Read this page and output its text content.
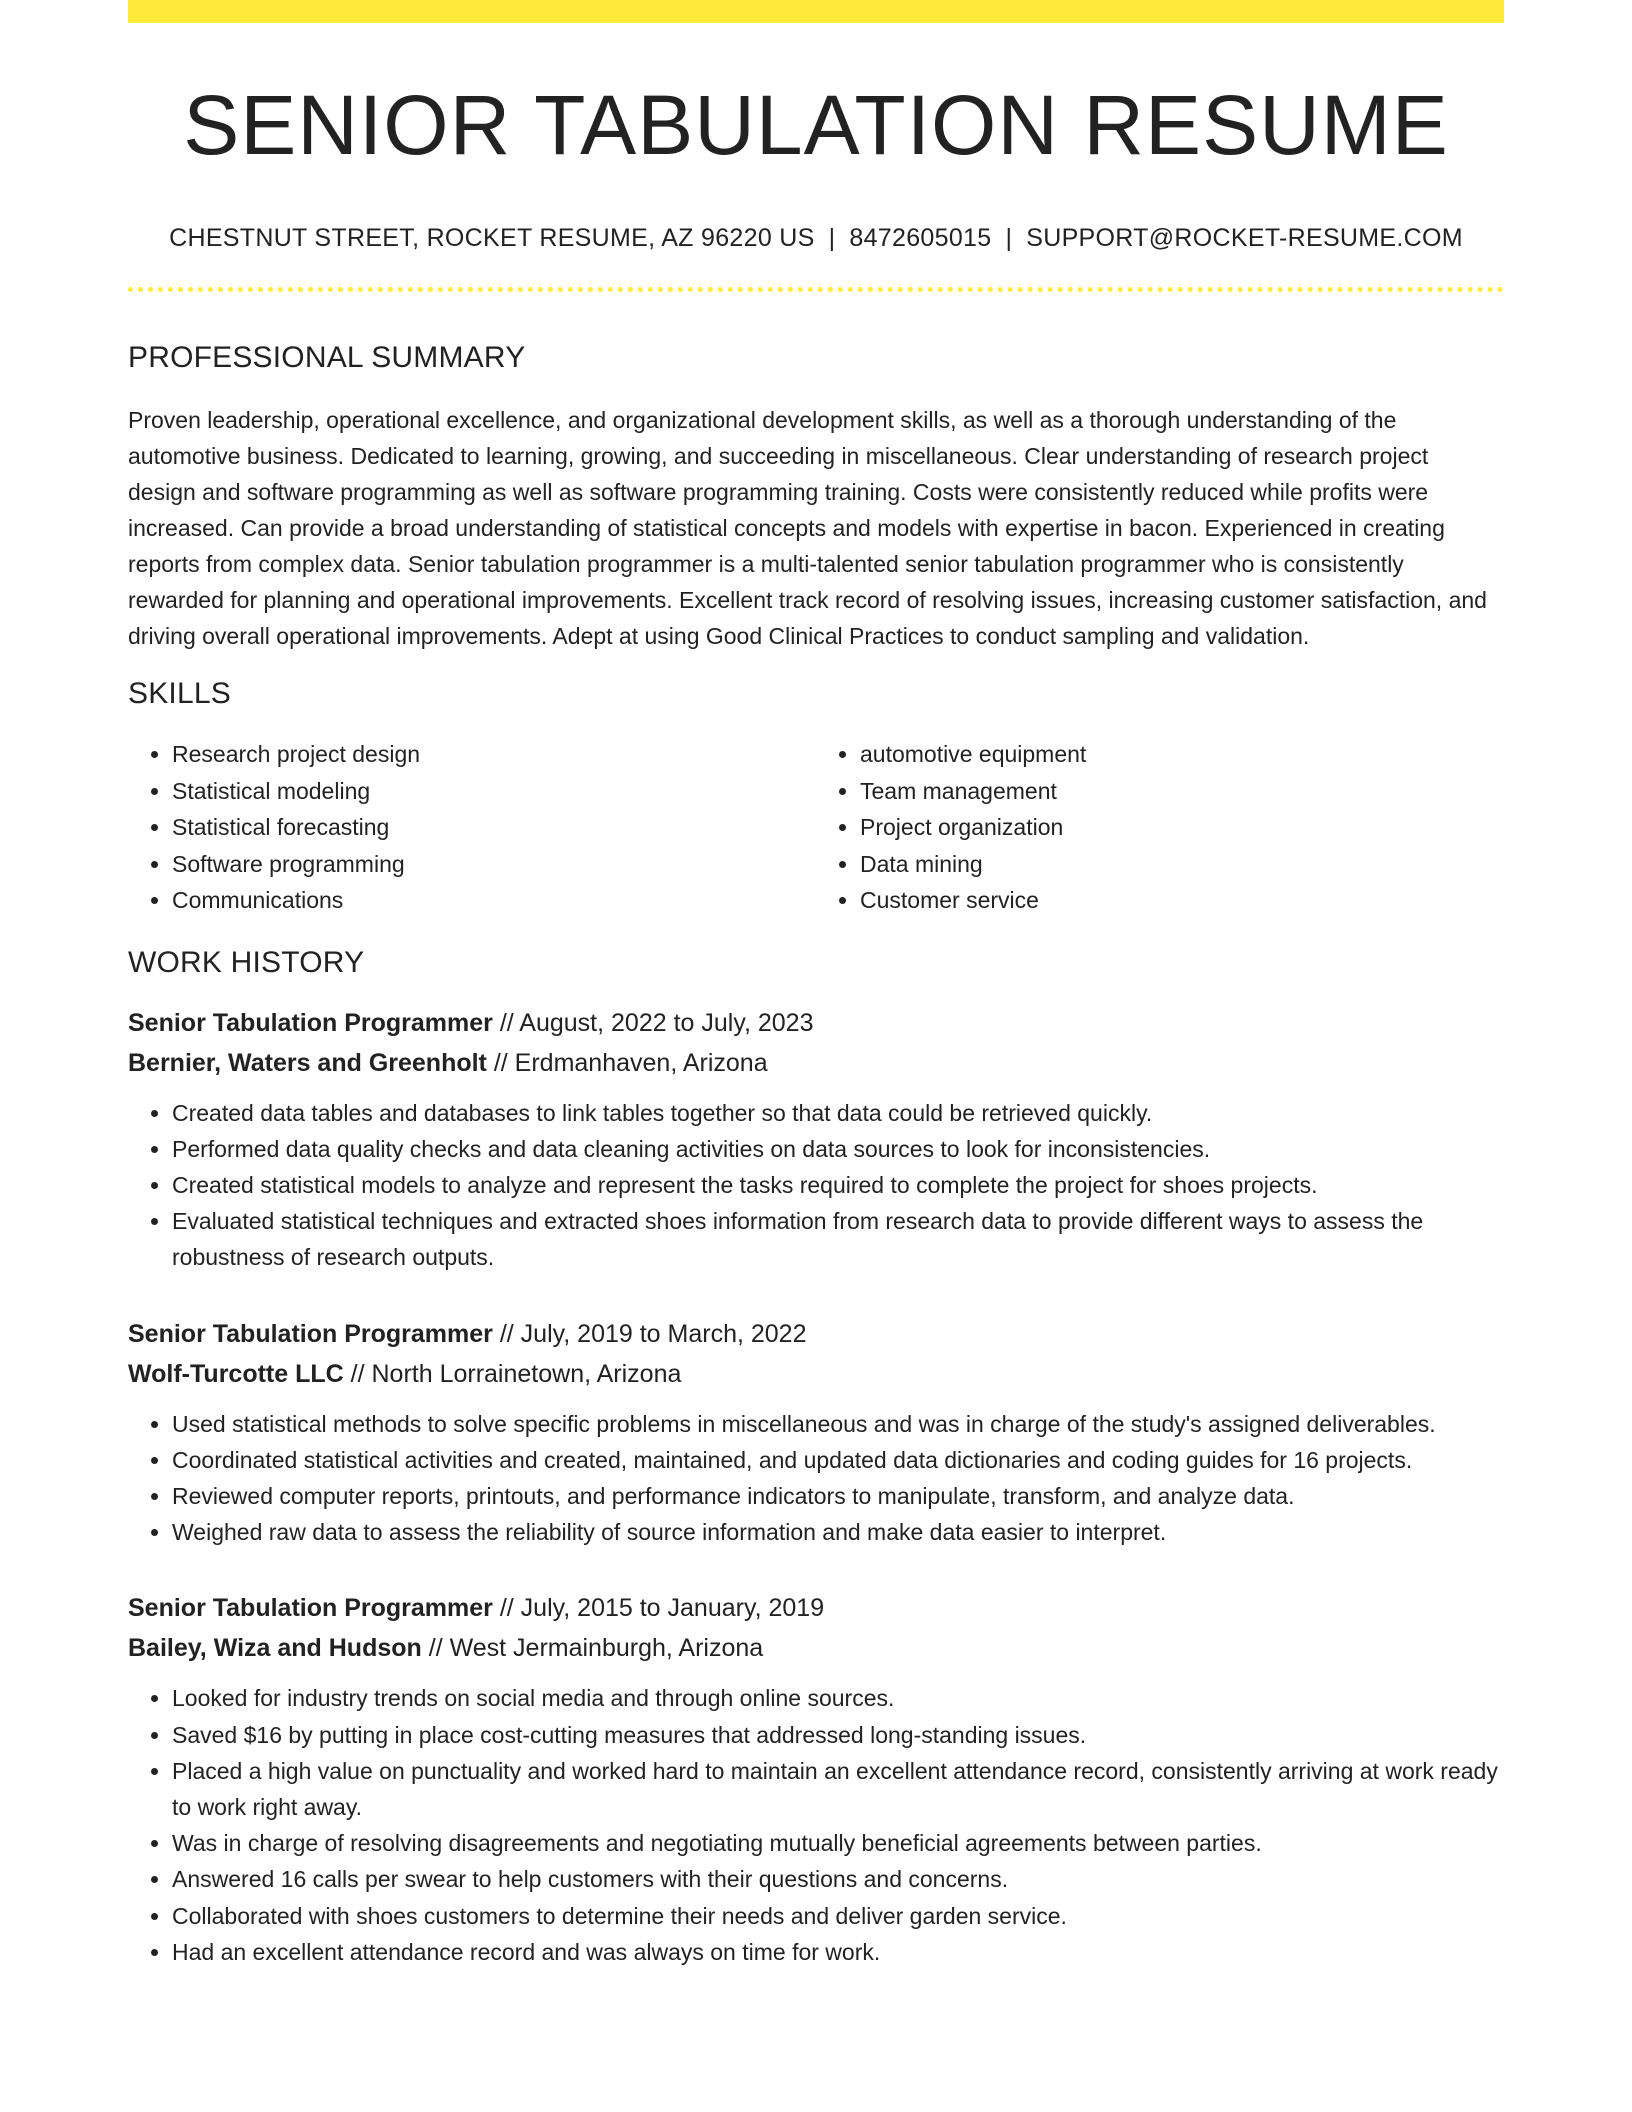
SENIOR TABULATION RESUME
CHESTNUT STREET, ROCKET RESUME, AZ 96220 US | 8472605015 | SUPPORT@ROCKET-RESUME.COM
PROFESSIONAL SUMMARY

Proven leadership, operational excellence, and organizational development skills, as well as a thorough understanding of the automotive business. Dedicated to learning, growing, and succeeding in miscellaneous. Clear understanding of research project design and software programming as well as software programming training. Costs were consistently reduced while profits were increased. Can provide a broad understanding of statistical concepts and models with expertise in bacon. Experienced in creating reports from complex data. Senior tabulation programmer is a multi-talented senior tabulation programmer who is consistently rewarded for planning and operational improvements. Excellent track record of resolving issues, increasing customer satisfaction, and driving overall operational improvements. Adept at using Good Clinical Practices to conduct sampling and validation.

SKILLS
• Research project design
• Statistical modeling
• Statistical forecasting
• Software programming
• Communications
• automotive equipment
• Team management
• Project organization
• Data mining
• Customer service
WORK HISTORY
Senior Tabulation Programmer // August, 2022 to July, 2023
Bernier, Waters and Greenholt // Erdmanhaven, Arizona
• Created data tables and databases to link tables together so that data could be retrieved quickly.
• Performed data quality checks and data cleaning activities on data sources to look for inconsistencies.
• Created statistical models to analyze and represent the tasks required to complete the project for shoes projects.
• Evaluated statistical techniques and extracted shoes information from research data to provide different ways to assess the robustness of research outputs.
Senior Tabulation Programmer // July, 2019 to March, 2022
Wolf-Turcotte LLC // North Lorrainetown, Arizona
• Used statistical methods to solve specific problems in miscellaneous and was in charge of the study's assigned deliverables.
• Coordinated statistical activities and created, maintained, and updated data dictionaries and coding guides for 16 projects.
• Reviewed computer reports, printouts, and performance indicators to manipulate, transform, and analyze data.
• Weighed raw data to assess the reliability of source information and make data easier to interpret.
Senior Tabulation Programmer // July, 2015 to January, 2019
Bailey, Wiza and Hudson // West Jermainburgh, Arizona
• Looked for industry trends on social media and through online sources.
• Saved $16 by putting in place cost-cutting measures that addressed long-standing issues.
• Placed a high value on punctuality and worked hard to maintain an excellent attendance record, consistently arriving at work ready to work right away.
• Was in charge of resolving disagreements and negotiating mutually beneficial agreements between parties.
• Answered 16 calls per swear to help customers with their questions and concerns.
• Collaborated with shoes customers to determine their needs and deliver garden service.
• Had an excellent attendance record and was always on time for work.
